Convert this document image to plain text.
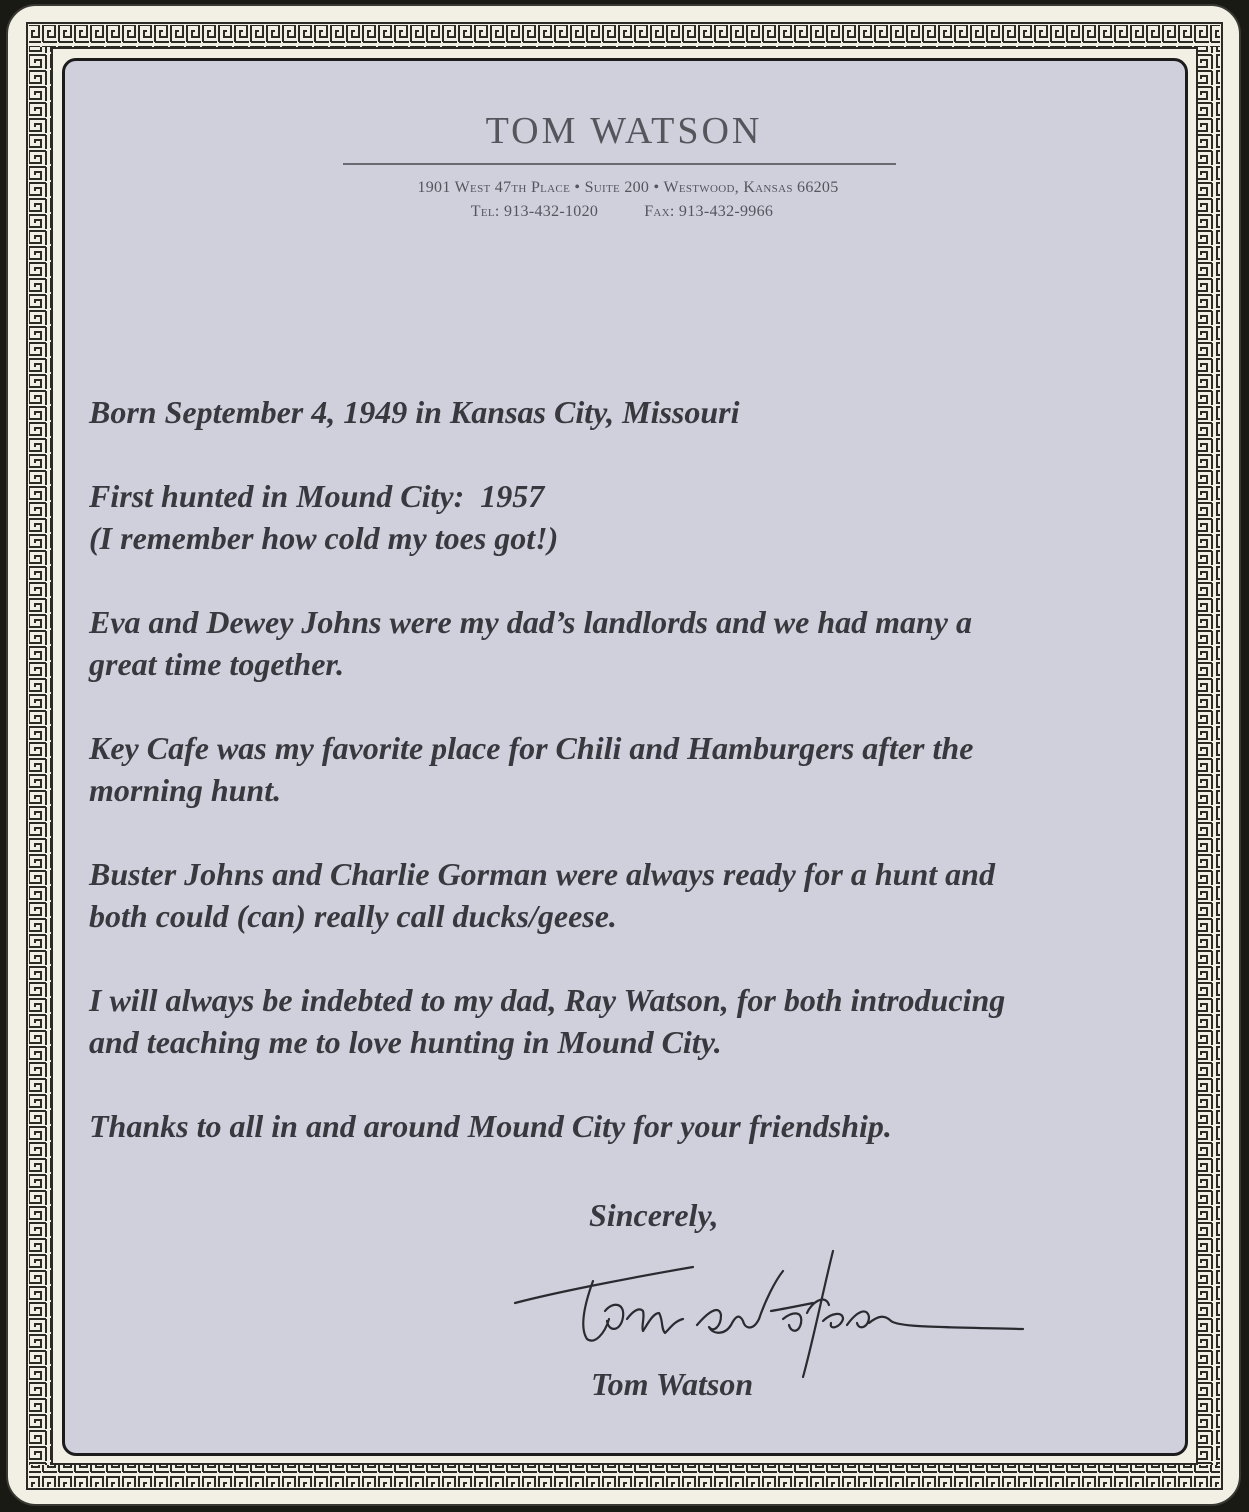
TOM WATSON
1901 West 47th Place • Suite 200 • Westwood, Kansas 66205
Tel: 913-432-1020	Fax: 913-432-9966

Born September 4, 1949 in Kansas City, Missouri

First hunted in Mound City:  1957
(I remember how cold my toes got!)

Eva and Dewey Johns were my dad’s landlords and we had many a
great time together.

Key Cafe was my favorite place for Chili and Hamburgers after the
morning hunt.

Buster Johns and Charlie Gorman were always ready for a hunt and
both could (can) really call ducks/geese.

I will always be indebted to my dad, Ray Watson, for both introducing
and teaching me to love hunting in Mound City.

Thanks to all in and around Mound City for your friendship.

Sincerely,
Tom Watson
